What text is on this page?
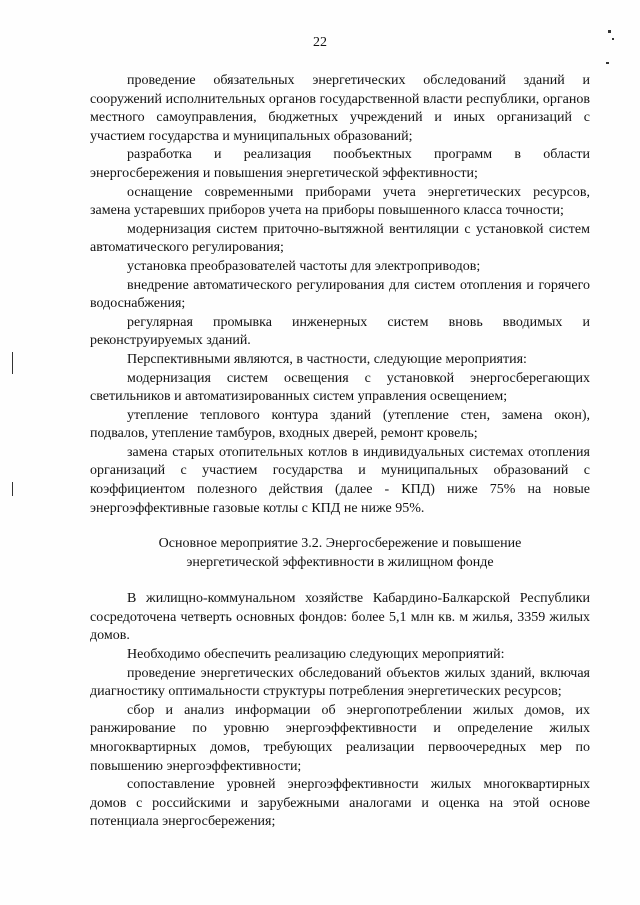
22

проведение обязательных энергетических обследований зданий и сооружений исполнительных органов государственной власти республики, органов местного самоуправления, бюджетных учреждений и иных организаций с участием государства и муниципальных образований;

разработка и реализация пообъектных программ в области энергосбережения и повышения энергетической эффективности;

оснащение современными приборами учета энергетических ресурсов, замена устаревших приборов учета на приборы повышенного класса точности;

модернизация систем приточно-вытяжной вентиляции с установкой систем автоматического регулирования;

установка преобразователей частоты для электроприводов;

внедрение автоматического регулирования для систем отопления и горячего водоснабжения;

регулярная промывка инженерных систем вновь вводимых и реконструируемых зданий.

Перспективными являются, в частности, следующие мероприятия:

модернизация систем освещения с установкой энергосберегающих светильников и автоматизированных систем управления освещением;

утепление теплового контура зданий (утепление стен, замена окон), подвалов, утепление тамбуров, входных дверей, ремонт кровель;

замена старых отопительных котлов в индивидуальных системах отопления организаций с участием государства и муниципальных образований с коэффициентом полезного действия (далее - КПД) ниже 75% на новые энергоэффективные газовые котлы с КПД не ниже 95%.

Основное мероприятие 3.2. Энергосбережение и повышение
энергетической эффективности в жилищном фонде

В жилищно-коммунальном хозяйстве Кабардино-Балкарской Республики сосредоточена четверть основных фондов: более 5,1 млн кв. м жилья, 3359 жилых домов.

Необходимо обеспечить реализацию следующих мероприятий:

проведение энергетических обследований объектов жилых зданий, включая диагностику оптимальности структуры потребления энергетических ресурсов;

сбор и анализ информации об энергопотреблении жилых домов, их ранжирование по уровню энергоэффективности и определение жилых многоквартирных домов, требующих реализации первоочередных мер по повышению энергоэффективности;

сопоставление уровней энергоэффективности жилых многоквартирных домов с российскими и зарубежными аналогами и оценка на этой основе потенциала энергосбережения;
